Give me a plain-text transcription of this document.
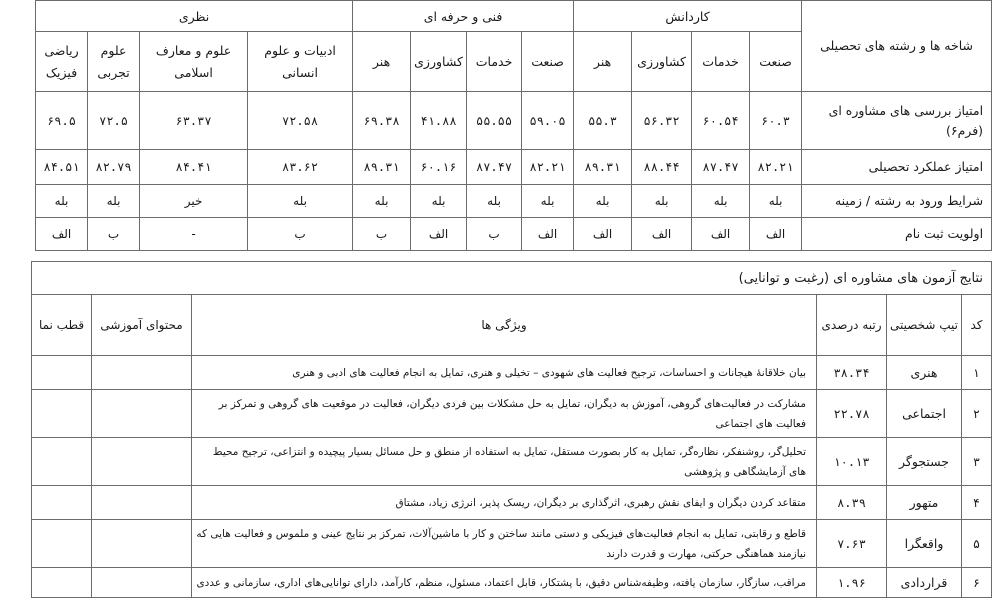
شاخه ها و رشته های تحصیلی	کاردانش				فنی و حرفه ای				نظری			
	صنعت	خدمات	کشاورزی	هنر	صنعت	خدمات	کشاورزی	هنر	ادبیات و علوم انسانی	علوم و معارف اسلامی	علوم تجربی	ریاضی فیزیک
امتیاز بررسی های مشاوره ای (فرم۶)	۶۰.۳	۶۰.۵۴	۵۶.۳۲	۵۵.۳	۵۹.۰۵	۵۵.۵۵	۴۱.۸۸	۶۹.۳۸	۷۲.۵۸	۶۳.۳۷	۷۲.۵	۶۹.۵
امتیاز عملکرد تحصیلی	۸۲.۲۱	۸۷.۴۷	۸۸.۴۴	۸۹.۳۱	۸۲.۲۱	۸۷.۴۷	۶۰.۱۶	۸۹.۳۱	۸۳.۶۲	۸۴.۴۱	۸۲.۷۹	۸۴.۵۱
شرایط ورود به رشته / زمینه	بله	بله	بله	بله	بله	بله	بله	بله	بله	خیر	بله	بله
اولویت ثبت نام	الف	الف	الف	الف	الف	ب	الف	ب	ب	-	ب	الف
نتایج آزمون های مشاوره ای (رغبت و توانایی)					
کد	تیپ شخصیتی	رتبه درصدی	ویژگی ها	محتوای آموزشی	قطب نما
۱	هنری	۳۸.۳۴	بیان خلاقانهٔ هیجانات و احساسات، ترجیح فعالیت های شهودی – تخیلی و هنری، تمایل به انجام فعالیت های ادبی و هنری		
۲	اجتماعی	۲۲.۷۸	مشارکت در فعالیت‌های گروهی، آموزش به دیگران، تمایل به حل مشکلات بین فردی دیگران، فعالیت در موقعیت های گروهی و تمرکز بر فعالیت های اجتماعی		
۳	جستجوگر	۱۰.۱۳	تحلیل‌گر، روشنفکر، نظاره‌گر، تمایل به کار بصورت مستقل، تمایل به استفاده از منطق و حل مسائل بسیار پیچیده و انتزاعی، ترجیح محیط های آزمایشگاهی و پژوهشی		
۴	متهور	۸.۳۹	متقاعد کردن دیگران و ایفای نقش رهبری، اثرگذاری بر دیگران، ریسک پذیر، انرژی زیاد، مشتاق		
۵	واقعگرا	۷.۶۳	قاطع و رقابتی، تمایل به انجام فعالیت‌های فیزیکی و دستی مانند ساختن و کار با ماشین‌آلات، تمرکز بر نتایج عینی و ملموس و فعالیت هایی که نیازمند هماهنگی حرکتی، مهارت و قدرت دارند		
۶	قراردادی	۱.۹۶	مراقب، سازگار، سازمان یافته، وظیفه‌شناس دقیق، با پشتکار، قابل اعتماد، مسئول، منظم، کارآمد، دارای توانایی‌های اداری، سازمانی و عددی		
